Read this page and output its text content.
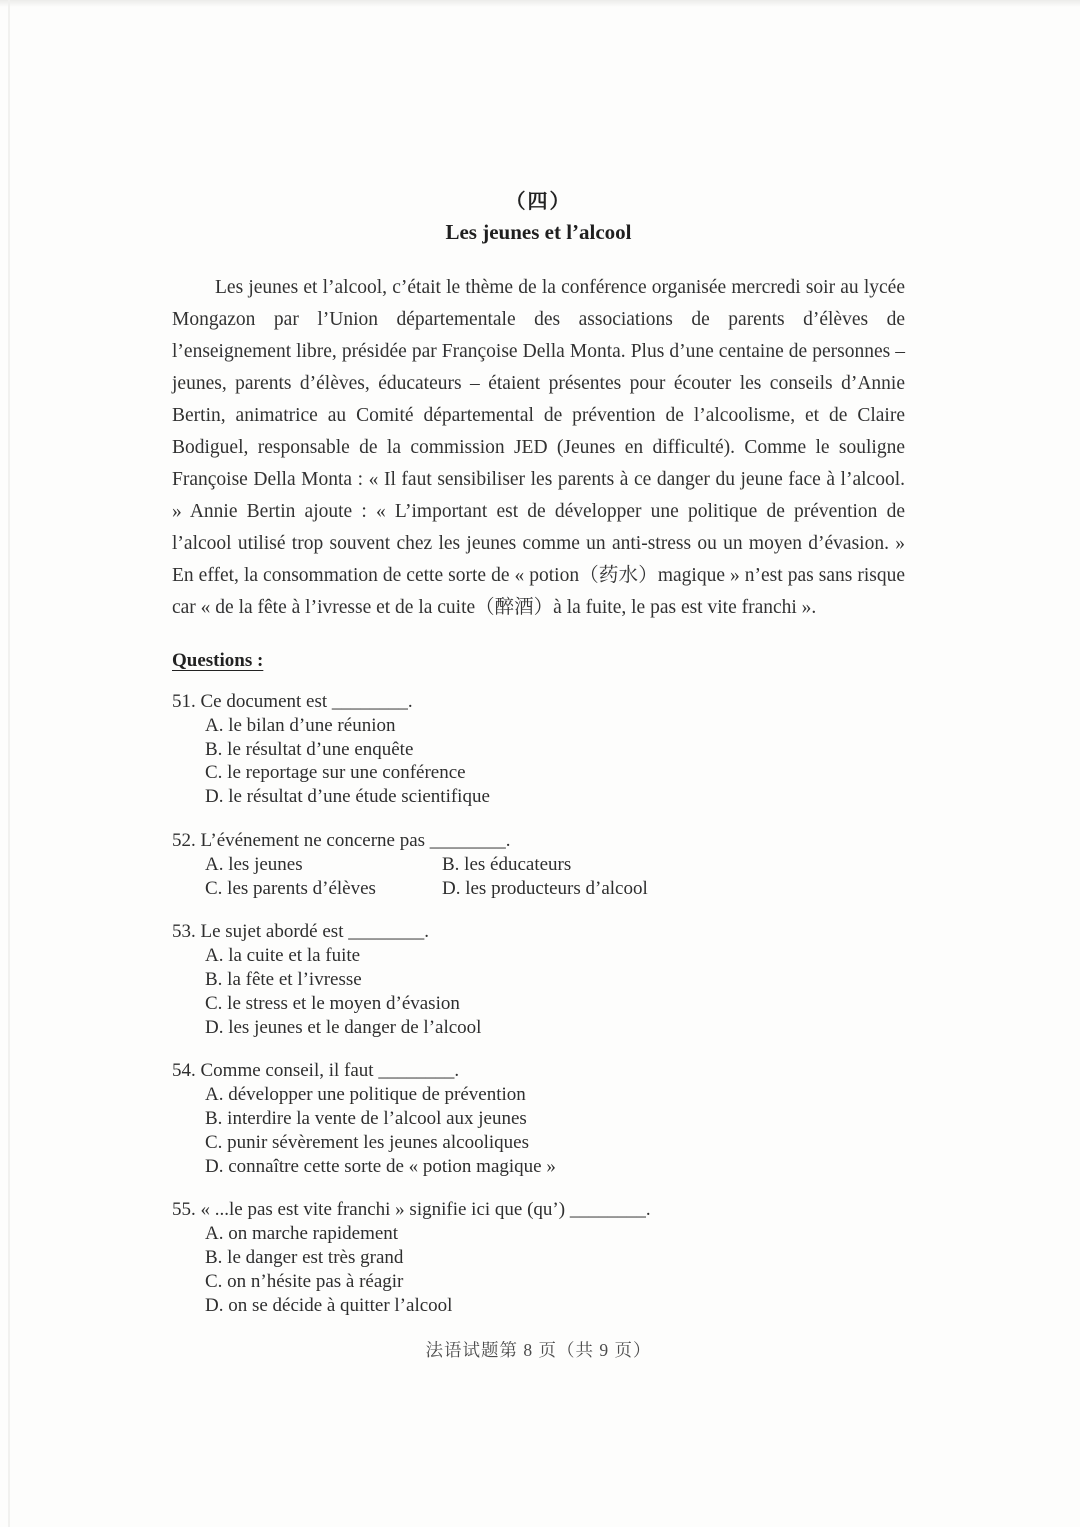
（四）
Les jeunes et l’alcool

Les jeunes et l’alcool, c’était le thème de la conférence organisée mercredi soir au lycée Mongazon par l’Union départementale des associations de parents d’élèves de l’enseignement libre, présidée par Françoise Della Monta. Plus d’une centaine de personnes – jeunes, parents d’élèves, éducateurs – étaient présentes pour écouter les conseils d’Annie Bertin, animatrice au Comité départemental de prévention de l’alcoolisme, et de Claire Bodiguel, responsable de la commission JED (Jeunes en difficulté). Comme le souligne Françoise Della Monta : « Il faut sensibiliser les parents à ce danger du jeune face à l’alcool. » Annie Bertin ajoute : « L’important est de développer une politique de prévention de l’alcool utilisé trop souvent chez les jeunes comme un anti-stress ou un moyen d’évasion. » En effet, la consommation de cette sorte de « potion（药水）magique » n’est pas sans risque car « de la fête à l’ivresse et de la cuite（醉酒）à la fuite, le pas est vite franchi ».

Questions :
51. Ce document est ________.
A. le bilan d’une réunion
B. le résultat d’une enquête
C. le reportage sur une conférence
D. le résultat d’une étude scientifique
52. L’événement ne concerne pas ________.
A. les jeunes	B. les éducateurs
C. les parents d’élèves	D. les producteurs d’alcool
53. Le sujet abordé est ________.
A. la cuite et la fuite
B. la fête et l’ivresse
C. le stress et le moyen d’évasion
D. les jeunes et le danger de l’alcool
54. Comme conseil, il faut ________.
A. développer une politique de prévention
B. interdire la vente de l’alcool aux jeunes
C. punir sévèrement les jeunes alcooliques
D. connaître cette sorte de « potion magique »
55. « ...le pas est vite franchi » signifie ici que (qu’) ________.
A. on marche rapidement
B. le danger est très grand
C. on n’hésite pas à réagir
D. on se décide à quitter l’alcool
法语试题第 8 页（共 9 页）
